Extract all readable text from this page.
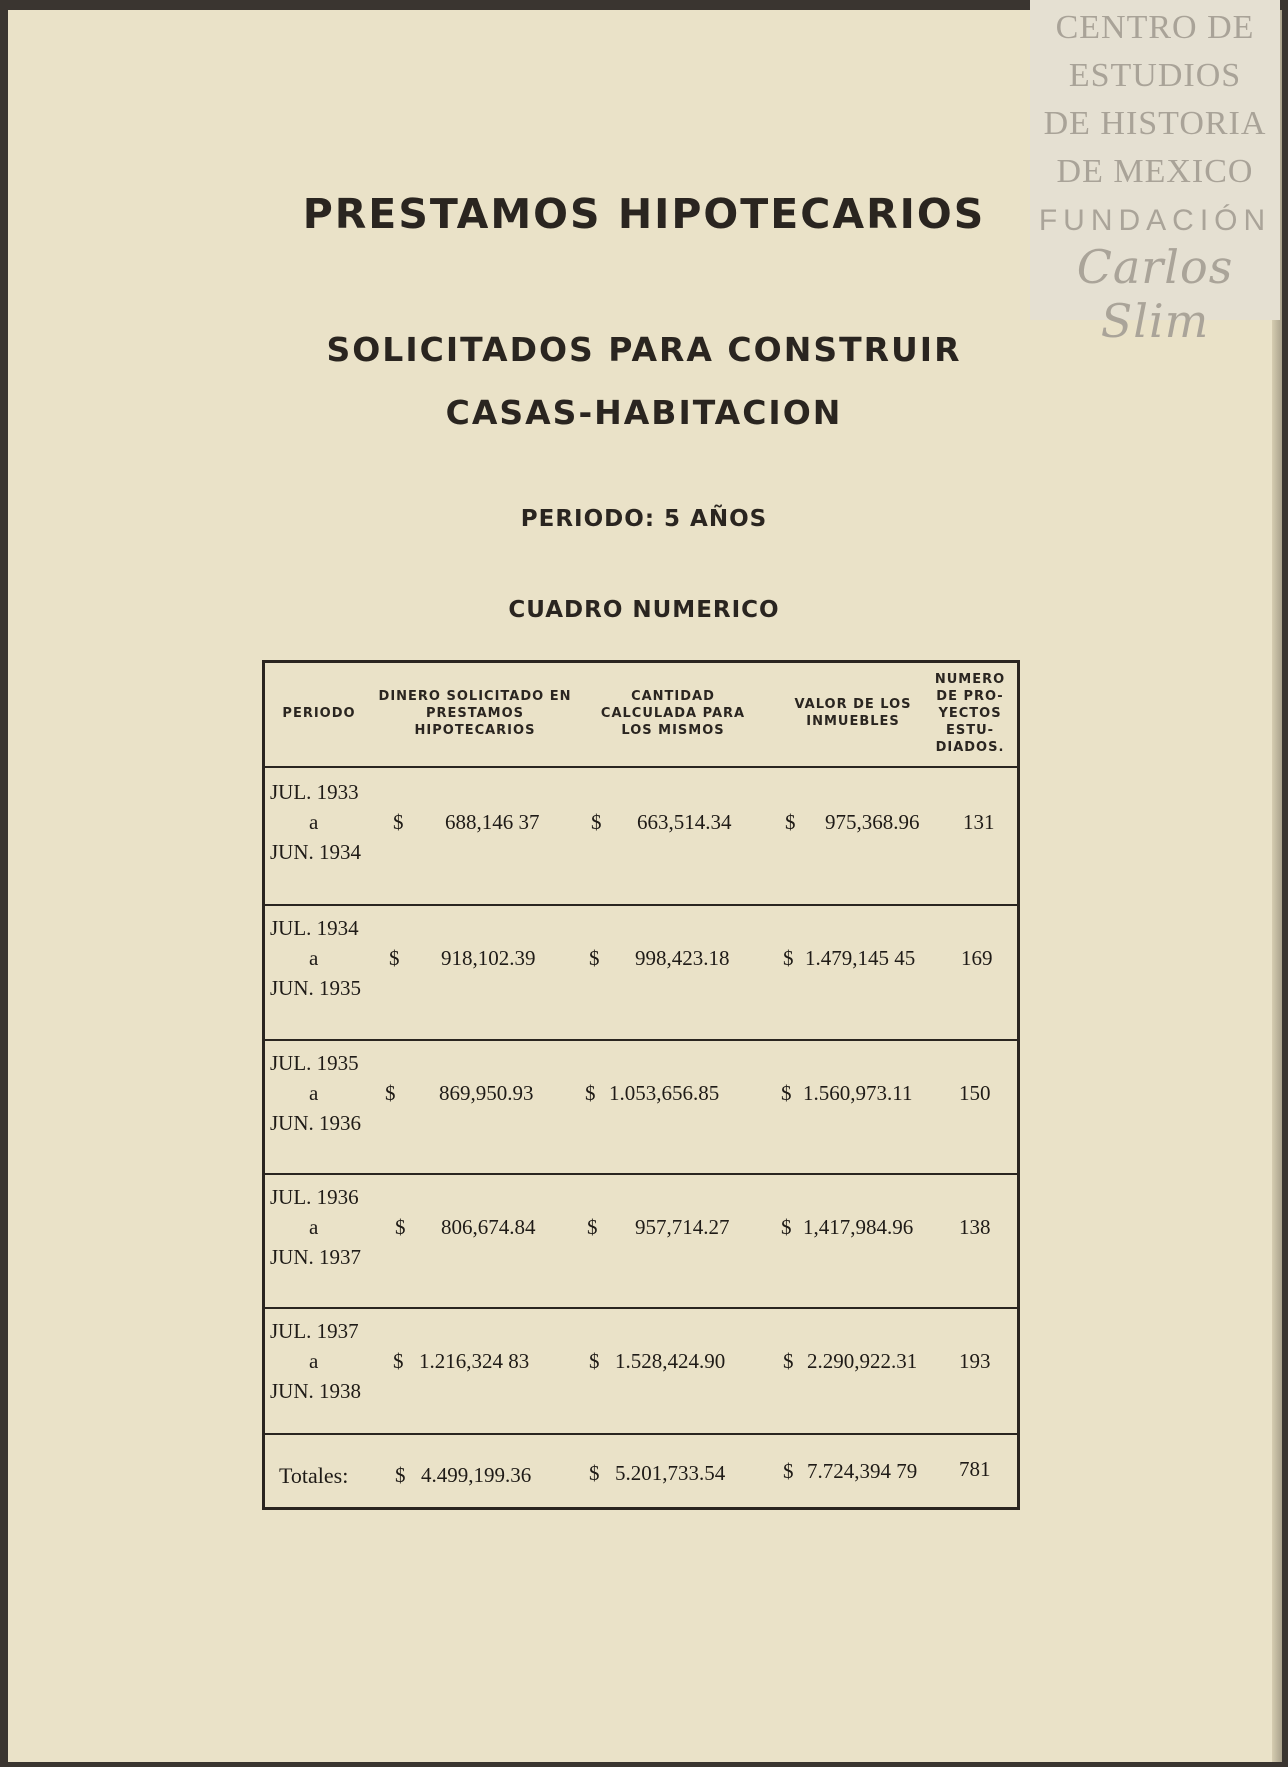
CENTRO DE
ESTUDIOS
DE HISTORIA
DE MEXICO
FUNDACIÓN
Carlos Slim
PRESTAMOS HIPOTECARIOS
SOLICITADOS PARA CONSTRUIR
CASAS-HABITACION
PERIODO: 5 AÑOS
CUADRO NUMERICO
PERIODO
DINERO SOLICITADO EN PRESTAMOS HIPOTECARIOS
CANTIDAD CALCULADA PARA LOS MISMOS
VALOR DE LOS INMUEBLES
NUMERO DE PRO- YECTOS ESTU- DIADOS.
JUL. 1933
a
JUN. 1934
$ 688,146 37 $ 663,514.34	$ 975,368.96 131
JUL. 1934
a
JUN. 1935
$ 918,102.39	$ 998,423.18	$ 1.479,145 45 169
JUL. 1935
a
JUN. 1936
$ 869,950.93 $ 1.053,656.85	$ 1.560,973.11 150
JUL. 1936
a
JUN. 1937
$ 806,674.84 $ 957,714.27 $ 1,417,984.96 138
JUL. 1937
a
JUN. 1938
$ 1.216,324 83	$ 1.528,424.90	$ 2.290,922.31 193
Totales: $ 4.499,199.36	$ 5.201,733.54	$ 7.724,394 79 781
